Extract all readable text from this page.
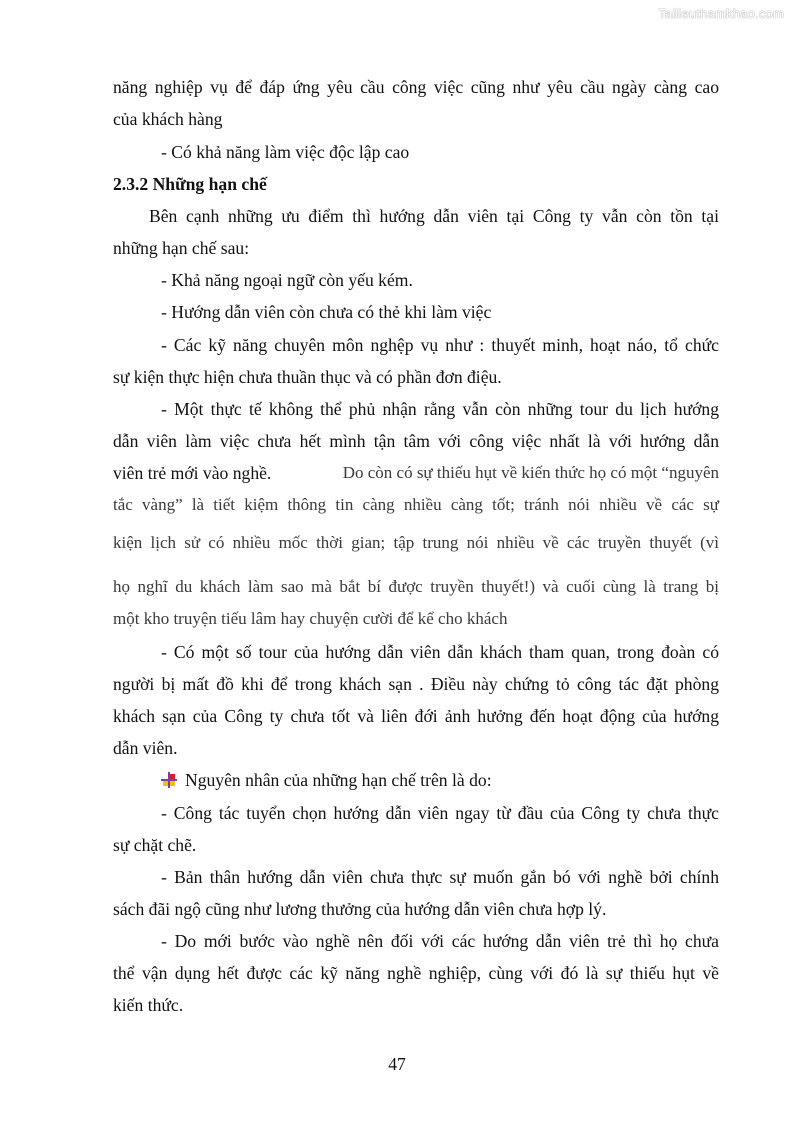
Tailieuthamkhao.com
năng nghiệp vụ để đáp ứng yêu cầu công việc cũng như yêu cầu ngày càng cao
của khách hàng
- Có khả năng làm việc độc lập cao
2.3.2 Những hạn chế
Bên cạnh những ưu điểm thì hướng dẫn viên tại Công ty vẫn còn tồn tại
những hạn chế sau:
- Khả năng ngoại ngữ còn yếu kém.
- Hướng dẫn viên còn chưa có thẻ khi làm việc
- Các kỹ năng chuyên môn nghệp vụ như : thuyết minh, hoạt náo, tổ chức
sự kiện thực hiện chưa thuần thục và có phần đơn điệu.
- Một thực tế không thể phủ nhận rằng vẫn còn những tour du lịch hướng
dẫn viên làm việc chưa hết mình tận tâm với công việc nhất là với hướng dẫn
viên trẻ mới vào nghề.	Do còn có sự thiếu hụt về kiến thức họ có một “nguyên
tắc vàng” là tiết kiệm thông tin càng nhiều càng tốt; tránh nói nhiều về các sự
kiện lịch sử có nhiều mốc thời gian; tập trung nói nhiều về các truyền thuyết (vì
họ nghĩ du khách làm sao mà bắt bí được truyền thuyết!) và cuối cùng là trang bị
một kho truyện tiếu lâm hay chuyện cười để kể cho khách
- Có một số tour của hướng dẫn viên dẫn khách tham quan, trong đoàn có
người bị mất đồ khi để trong khách sạn . Điều này chứng tỏ công tác đặt phòng
khách sạn của Công ty chưa tốt và liên đới ảnh hưởng đến hoạt động của hướng
dẫn viên.
Nguyên nhân của những hạn chế trên là do:
- Công tác tuyển chọn hướng dẫn viên ngay từ đầu của Công ty chưa thực
sự chặt chẽ.
- Bản thân hướng dẫn viên chưa thực sự muốn gắn bó với nghề bởi chính
sách đãi ngộ cũng như lương thưởng của hướng dẫn viên chưa hợp lý.
- Do mới bước vào nghề nên đối với các hướng dẫn viên trẻ thì họ chưa
thể vận dụng hết được các kỹ năng nghề nghiệp, cùng với đó là sự thiếu hụt về
kiến thức.
47
